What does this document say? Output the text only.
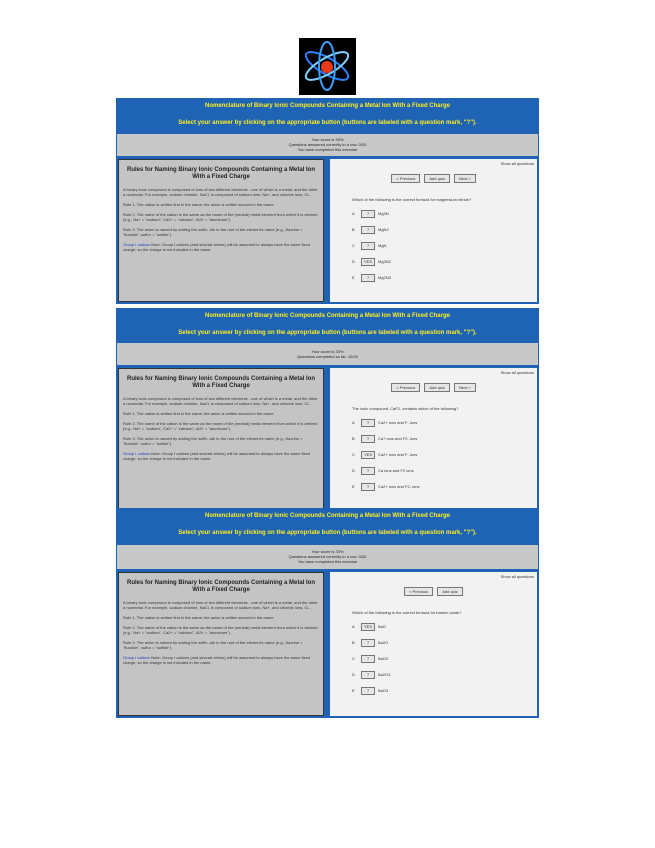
Nomenclature of Binary Ionic Compounds Containing a Metal Ion With a Fixed Charge
Select your answer by clicking on the appropriate button (buttons are labeled with a question mark, "?").
Your score is 33%
Questions answered correctly in a row: 0/20
You have completed this exercise
Rules for Naming Binary Ionic Compounds Containing a Metal Ion With a Fixed Charge

A binary ionic compound is composed of ions of two different elements - one of which is a metal, and the other a nonmetal. For example, sodium chloride, NaCl, is composed of sodium ions, Na+, and chloride ions, Cl-.

Rule 1. The cation is written first in the name; the anion is written second in the name.

Rule 2. The name of the cation is the same as the name of the (neutral) metal element from which it is derived (e.g., Na+ = "sodium", Ca2+ = "calcium", Al3+ = "aluminum").

Rule 3. The anion is named by adding the suffix -ide to the root of the element's name (e.g., fluorine = "fluoride", sulfur = "sulfide").

Group I cations Note: Group I cations (and several others) will be assumed to always have the same fixed charge, so the charge is not included in the name.

Show all questions
< Previous	Add quiz	Next >
Which of the following is the correct formula for magnesium nitride?
A	? Mg3N
B	? MgN2
C	? MgN
D YES Mg3N2
E	? Mg2N3
Nomenclature of Binary Ionic Compounds Containing a Metal Ion With a Fixed Charge
Select your answer by clicking on the appropriate button (buttons are labeled with a question mark, "?").
Your score is 33%
Questions completed so far: 10/20
Rules for Naming Binary Ionic Compounds Containing a Metal Ion With a Fixed Charge

A binary ionic compound is composed of ions of two different elements - one of which is a metal, and the other a nonmetal. For example, sodium chloride, NaCl, is composed of sodium ions, Na+, and chloride ions, Cl-.

Rule 1. The cation is written first in the name; the anion is written second in the name.

Rule 2. The name of the cation is the same as the name of the (neutral) metal element from which it is derived (e.g., Na+ = "sodium", Ca2+ = "calcium", Al3+ = "aluminum").

Rule 3. The anion is named by adding the suffix -ide to the root of the element's name (e.g., fluorine = "fluoride", sulfur = "sulfide").

Group I cations Note: Group I cations (and several others) will be assumed to always have the same fixed charge, so the charge is not included in the name.

Show all questions
< Previous	Add quiz	Next >
The ionic compound, CaF2, contains which of the following?
A	? Ca2+ ions and F- ions
B	? Ca+ ions and F2- ions
C YES Ca2+ ions and F- ions
D	? Ca ions and F2 ions
E	? Ca2+ ions and F2- ions
Nomenclature of Binary Ionic Compounds Containing a Metal Ion With a Fixed Charge
Select your answer by clicking on the appropriate button (buttons are labeled with a question mark, "?").
Your score is 33%
Questions answered correctly in a row: 0/20
You have completed this exercise
Rules for Naming Binary Ionic Compounds Containing a Metal Ion With a Fixed Charge

A binary ionic compound is composed of ions of two different elements - one of which is a metal, and the other a nonmetal. For example, sodium chloride, NaCl, is composed of sodium ions, Na+, and chloride ions, Cl-.

Rule 1. The cation is written first in the name; the anion is written second in the name.

Rule 2. The name of the cation is the same as the name of the (neutral) metal element from which it is derived (e.g., Na+ = "sodium", Ca2+ = "calcium", Al3+ = "aluminum").

Rule 3. The anion is named by adding the suffix -ide to the root of the element's name (e.g., fluorine = "fluoride", sulfur = "sulfide").

Group I cations Note: Group I cations (and several others) will be assumed to always have the same fixed charge, so the charge is not included in the name.

Show all questions
< Previous	Add quiz
Which of the following is the correct formula for barium oxide?
A YES BaO
B	? Ba2O
C	? BaO2
D	? Ba2O3
E	? BaO3
